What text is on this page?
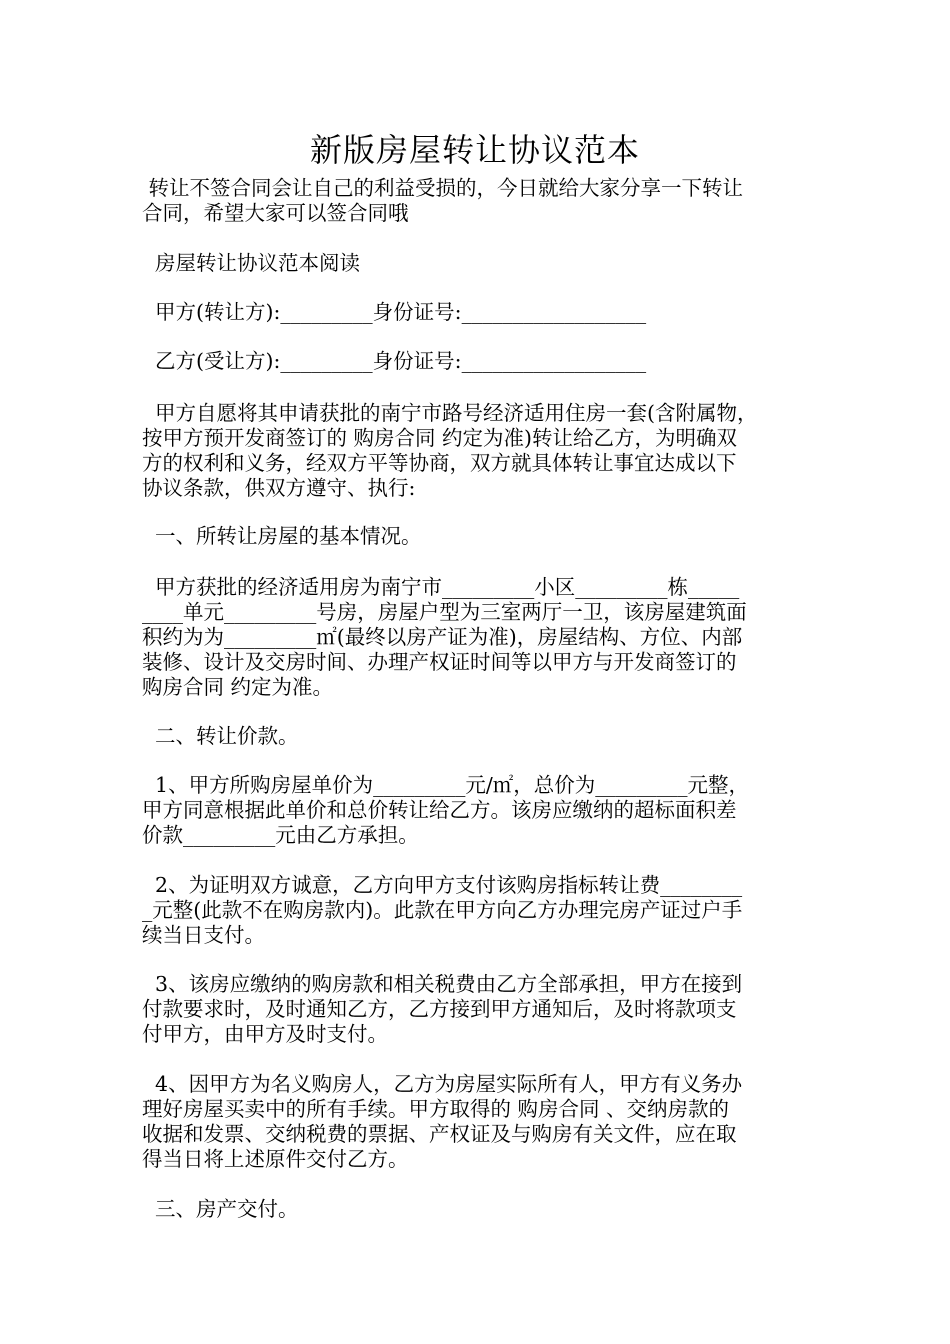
新版房屋转让协议范本
转让不签合同会让自己的利益受损的，今日就给大家分享一下转让
合同，希望大家可以签合同哦
房屋转让协议范本阅读
甲方(转让方):_________身份证号:__________________
乙方(受让方):_________身份证号:__________________
甲方自愿将其申请获批的南宁市路号经济适用住房一套(含附属物，
按甲方预开发商签订的 购房合同 约定为准)转让给乙方，为明确双
方的权利和义务，经双方平等协商，双方就具体转让事宜达成以下
协议条款，供双方遵守、执行:
一、所转让房屋的基本情况。
甲方获批的经济适用房为南宁市_________小区_________栋_____
____单元_________号房，房屋户型为三室两厅一卫，该房屋建筑面
积约为为_________㎡(最终以房产证为准)，房屋结构、方位、内部
装修、设计及交房时间、办理产权证时间等以甲方与开发商签订的
购房合同 约定为准。
二、转让价款。
1、甲方所购房屋单价为_________元/㎡，总价为_________元整，
甲方同意根据此单价和总价转让给乙方。该房应缴纳的超标面积差
价款_________元由乙方承担。
2、为证明双方诚意，乙方向甲方支付该购房指标转让费________
_元整(此款不在购房款内)。此款在甲方向乙方办理完房产证过户手
续当日支付。
3、该房应缴纳的购房款和相关税费由乙方全部承担，甲方在接到
付款要求时，及时通知乙方，乙方接到甲方通知后，及时将款项支
付甲方，由甲方及时支付。
4、因甲方为名义购房人，乙方为房屋实际所有人，甲方有义务办
理好房屋买卖中的所有手续。甲方取得的 购房合同 、交纳房款的
收据和发票、交纳税费的票据、产权证及与购房有关文件，应在取
得当日将上述原件交付乙方。
三、房产交付。
